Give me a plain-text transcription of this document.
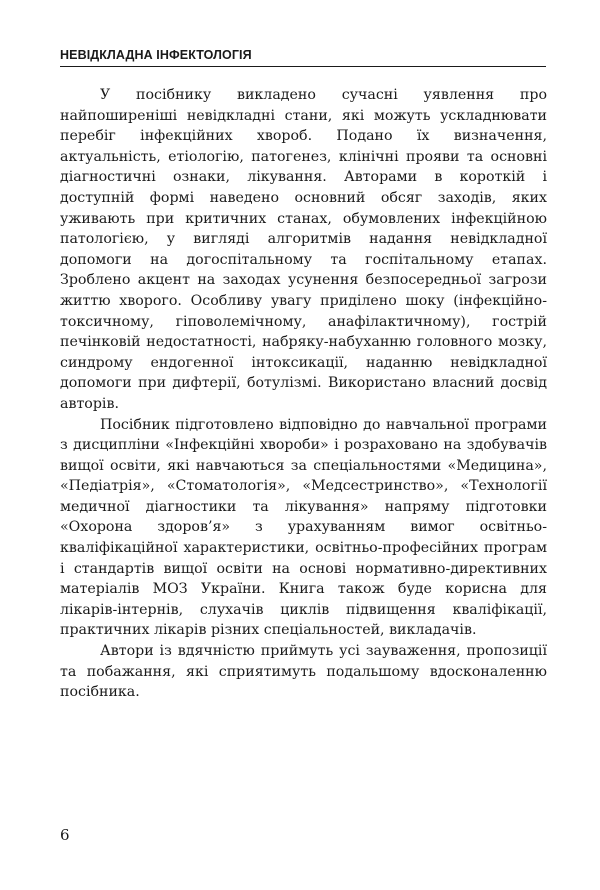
НЕВІДКЛАДНА ІНФЕКТОЛОГІЯ

У посібнику викладено сучасні уявлення про найпоширеніші невідкладні стани, які можуть ускладнювати перебіг інфекційних хвороб. Подано їх визначення, актуальність, етіологію, патогенез, клінічні прояви та основні діагностичні ознаки, лікування. Авторами в короткій і доступній формі наведено основний обсяг заходів, яких уживають при критичних станах, обумовлених інфекційною патологією, у вигляді алгоритмів надання невідкладної допомоги на догоспітальному та госпітальному етапах. Зроблено акцент на заходах усунення безпосередньої загрози життю хворого. Особливу увагу приділено шоку (інфекційно-токсичному, гіповолемічному, анафілактичному), гострій печінковій недостатності, набряку-набуханню головного мозку, синдрому ендогенної інтоксикації, наданню невідкладної допомоги при дифтерії, ботулізмі. Використано власний досвід авторів.

Посібник підготовлено відповідно до навчальної програми з дисципліни «Інфекційні хвороби» і розраховано на здобувачів вищої освіти, які навчаються за спеціальностями «Медицина», «Педіатрія», «Стоматологія», «Медсестринство», «Технології медичної діагностики та лікування» напряму підготовки «Охорона здоров’я» з урахуванням вимог освітньо-кваліфікаційної характеристики, освітньо-професійних програм і стандартів вищої освіти на основі нормативно-директивних матеріалів МОЗ України. Книга також буде корисна для лікарів-інтернів, слухачів циклів підвищення кваліфікації, практичних лікарів різних спеціальностей, викладачів.

Автори із вдячністю приймуть усі зауваження, пропозиції та побажання, які сприятимуть подальшому вдосконаленню посібника.

6
